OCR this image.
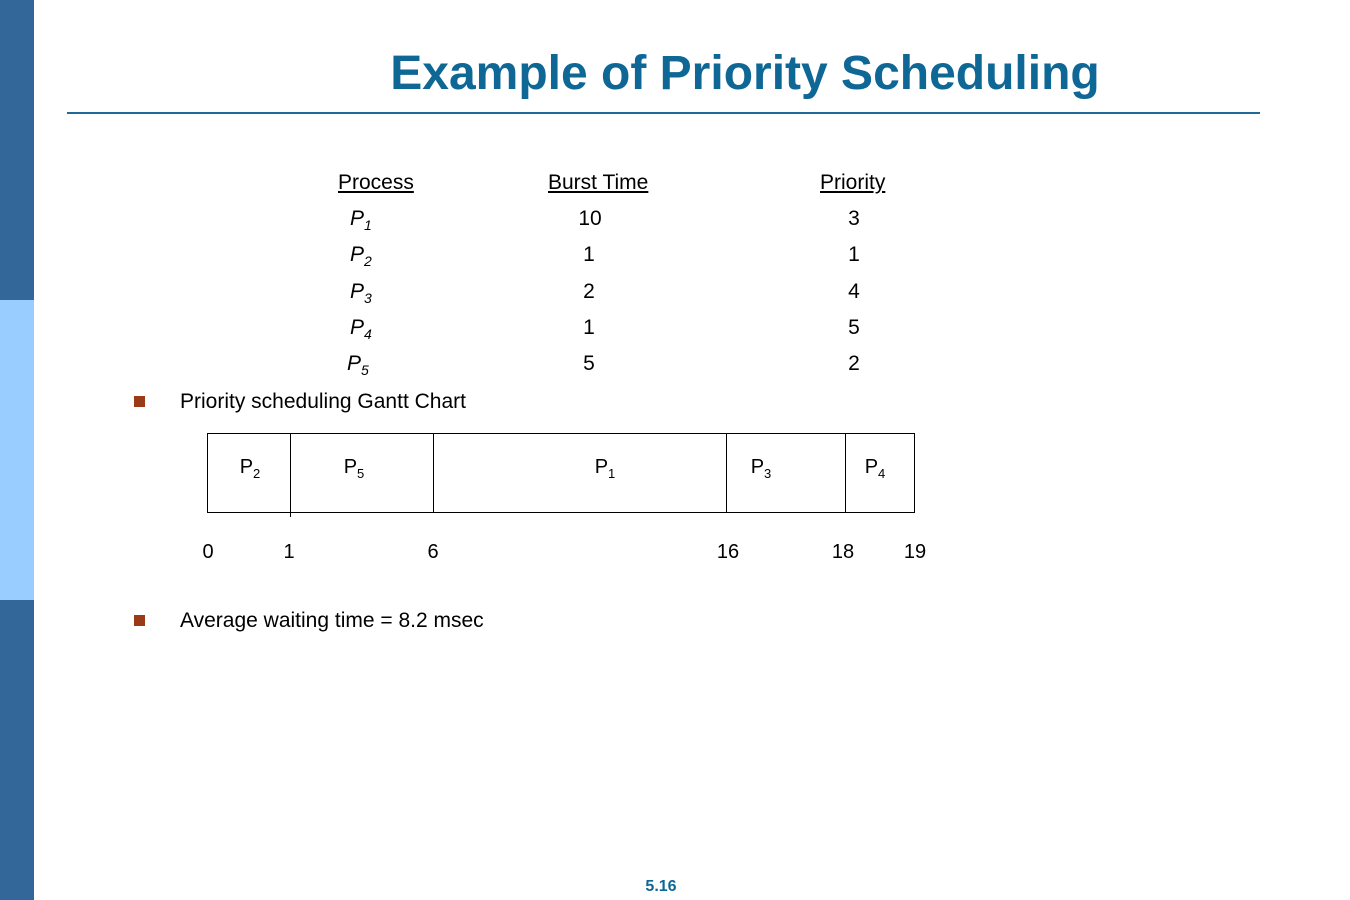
Example of Priority Scheduling
Process	Burst Time	Priority
$P_1$	10	3
$P_2$	1	1
$P_3$	2	4
$P_4$	1	5
$P_5$	5	2
Priority scheduling Gantt Chart
$P_2$	$P_5$	$P_1$	$P_3$	$P_4$
0	1	6	16	18 19
Average waiting time = 8.2 msec
5.16
